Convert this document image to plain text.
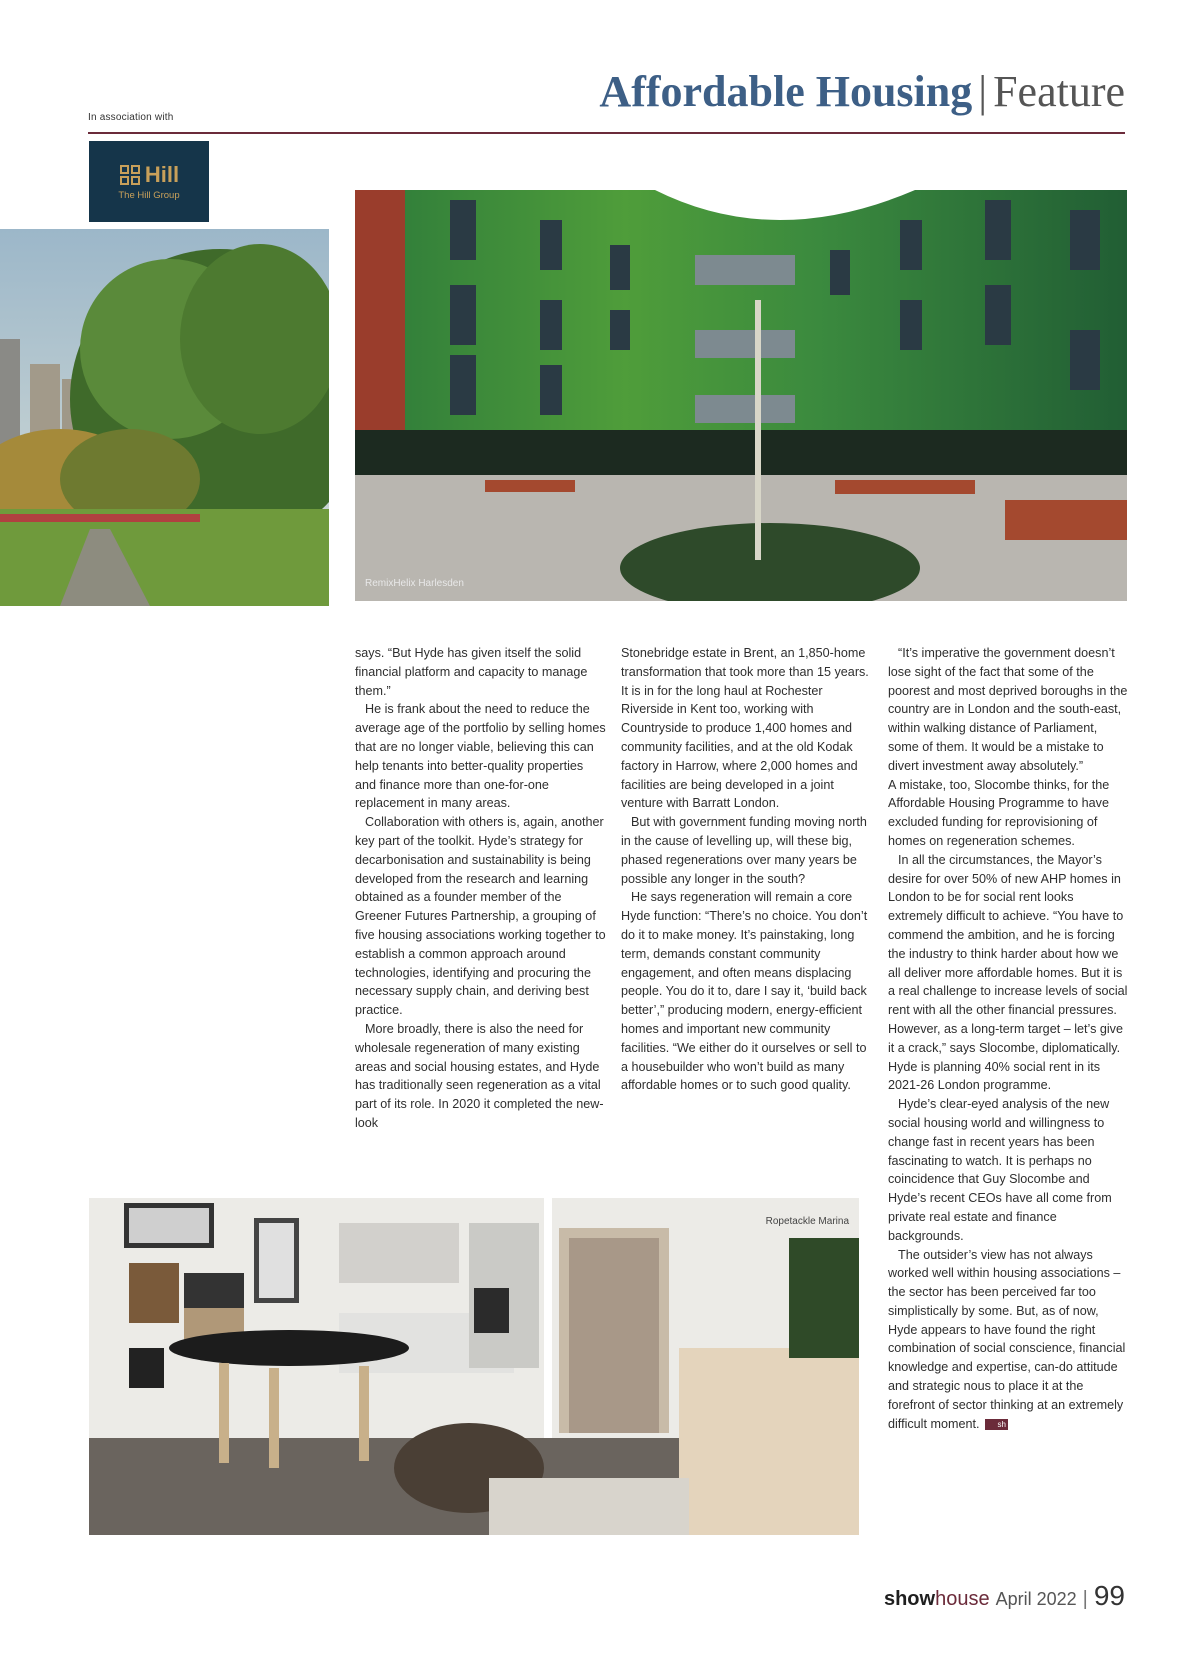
In association with
Affordable Housing | Feature
Hill
The Hill Group
RemixHelix Harlesden

says. “But Hyde has given itself the solid financial platform and capacity to manage them.”

He is frank about the need to reduce the average age of the portfolio by selling homes that are no longer viable, believing this can help tenants into better-quality properties and finance more than one-for-one replacement in many areas.

Collaboration with others is, again, another key part of the toolkit. Hyde’s strategy for decarbonisation and sustainability is being developed from the research and learning obtained as a founder member of the Greener Futures Partnership, a grouping of five housing associations working together to establish a common approach around technologies, identifying and procuring the necessary supply chain, and deriving best practice.

More broadly, there is also the need for wholesale regeneration of many existing areas and social housing estates, and Hyde has traditionally seen regeneration as a vital part of its role. In 2020 it completed the new-look

Stonebridge estate in Brent, an 1,850-home transformation that took more than 15 years. It is in for the long haul at Rochester Riverside in Kent too, working with Countryside to produce 1,400 homes and community facilities, and at the old Kodak factory in Harrow, where 2,000 homes and facilities are being developed in a joint venture with Barratt London.

But with government funding moving north in the cause of levelling up, will these big, phased regenerations over many years be possible any longer in the south?

He says regeneration will remain a core Hyde function: “There’s no choice. You don’t do it to make money. It’s painstaking, long term, demands constant community engagement, and often means displacing people. You do it to, dare I say it, ‘build back better’,” producing modern, energy-efficient homes and important new community facilities. “We either do it ourselves or sell to a housebuilder who won’t build as many affordable homes or to such good quality.

“It’s imperative the government doesn’t lose sight of the fact that some of the poorest and most deprived boroughs in the country are in London and the south-east, within walking distance of Parliament, some of them. It would be a mistake to divert investment away absolutely.”

A mistake, too, Slocombe thinks, for the Affordable Housing Programme to have excluded funding for reprovisioning of homes on regeneration schemes.

In all the circumstances, the Mayor’s desire for over 50% of new AHP homes in London to be for social rent looks extremely difficult to achieve. “You have to commend the ambition, and he is forcing the industry to think harder about how we all deliver more affordable homes. But it is a real challenge to increase levels of social rent with all the other financial pressures. However, as a long-term target – let’s give it a crack,” says Slocombe, diplomatically. Hyde is planning 40% social rent in its 2021-26 London programme.

Hyde’s clear-eyed analysis of the new social housing world and willingness to change fast in recent years has been fascinating to watch. It is perhaps no coincidence that Guy Slocombe and Hyde’s recent CEOs have all come from private real estate and finance backgrounds.

The outsider’s view has not always worked well within housing associations – the sector has been perceived far too simplistically by some. But, as of now, Hyde appears to have found the right combination of social conscience, financial knowledge and expertise, can-do attitude and strategic nous to place it at the forefront of sector thinking at an extremely difficult moment. sh

Ropetackle Marina
show house April 2022 | 99
